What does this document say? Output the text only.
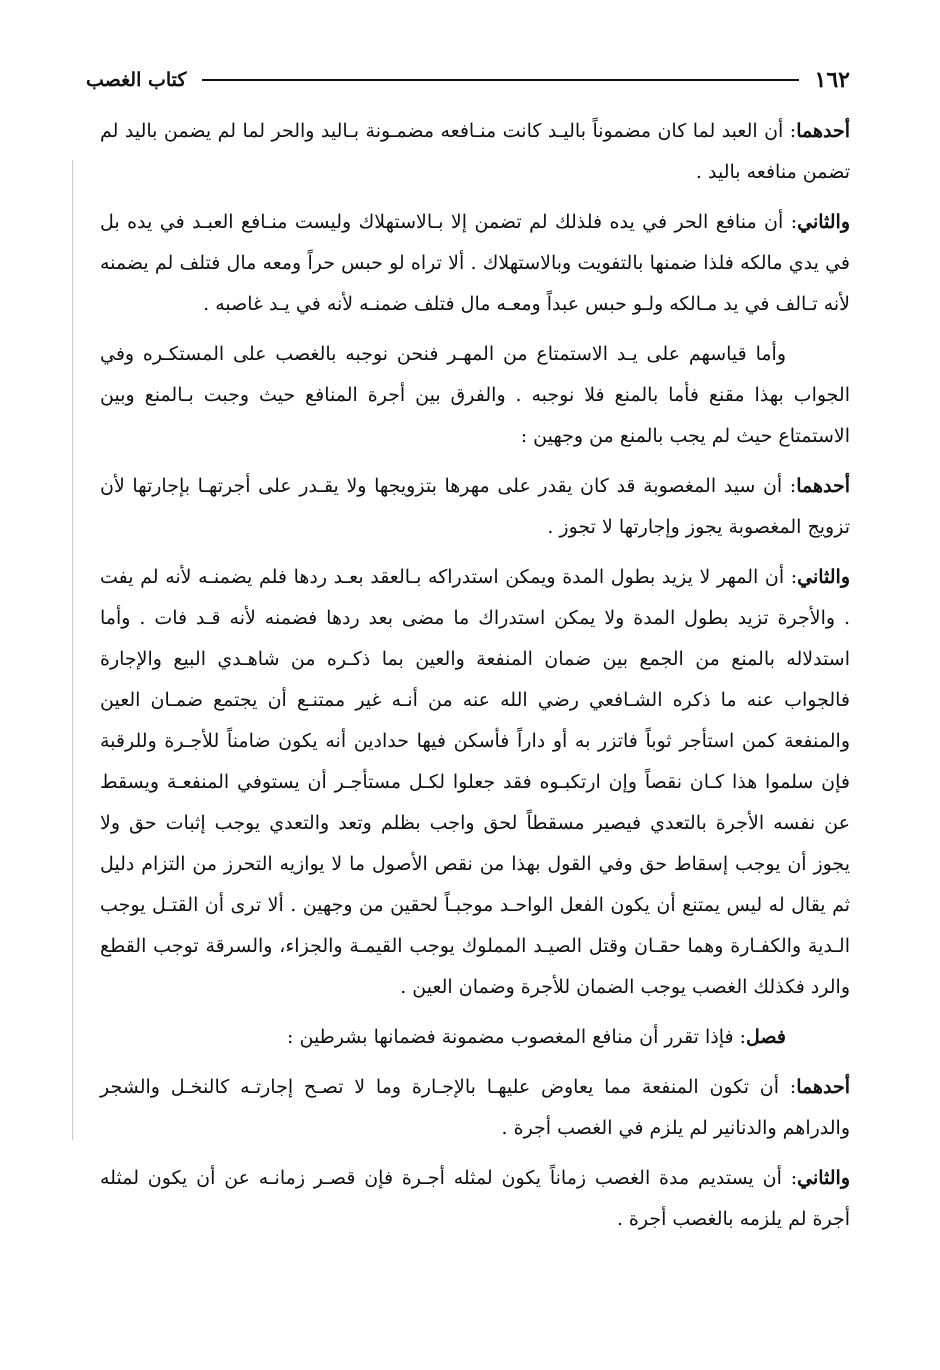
١٦٢
كتاب الغصب

أحدهما: أن العبد لما كان مضموناً باليـد كانت منـافعه مضمـونة بـاليد والحر لما لم يضمن باليد لم تضمن منافعه باليد .

والثاني: أن منافع الحر في يده فلذلك لم تضمن إلا بـالاستهلاك وليست منـافع العبـد في يده بل في يدي مالكه فلذا ضمنها بالتفويت وبالاستهلاك . ألا تراه لو حبس حراً ومعه مال فتلف لم يضمنه لأنه تـالف في يد مـالكه ولـو حبس عبداً ومعـه مال فتلف ضمنـه لأنه في يـد غاصبه .

وأما قياسهم على يـد الاستمتاع من المهـر فنحن نوجبه بالغصب على المستكـره وفي الجواب بهذا مقنع فأما بالمنع فلا نوجبه . والفرق بين أجرة المنافع حيث وجبت بـالمنع وبين الاستمتاع حيث لم يجب بالمنع من وجهين :

أحدهما: أن سيد المغصوبة قد كان يقدر على مهرها بتزويجها ولا يقـدر على أجرتهـا بإجارتها لأن تزويج المغصوبة يجوز وإجارتها لا تجوز .

والثاني: أن المهر لا يزيد بطول المدة ويمكن استدراكه بـالعقد بعـد ردها فلم يضمنـه لأنه لم يفت . والأجرة تزيد بطول المدة ولا يمكن استدراك ما مضى بعد ردها فضمنه لأنه قـد فات . وأما استدلاله بالمنع من الجمع بين ضمان المنفعة والعين بما ذكـره من شاهـدي البيع والإجارة فالجواب عنه ما ذكره الشـافعي رضي الله عنه من أنـه غير ممتنـع أن يجتمع ضمـان العين والمنفعة كمن استأجر ثوباً فاتزر به أو داراً فأسكن فيها حدادين أنه يكون ضامناً للأجـرة وللرقبة فإن سلموا هذا كـان نقصاً وإن ارتكبـوه فقد جعلوا لكـل مستأجـر أن يستوفي المنفعـة ويسقط عن نفسه الأجرة بالتعدي فيصير مسقطاً لحق واجب بظلم وتعد والتعدي يوجب إثبات حق ولا يجوز أن يوجب إسقاط حق وفي القول بهذا من نقص الأصول ما لا يوازيه التحرز من التزام دليل ثم يقال له ليس يمتنع أن يكون الفعل الواحـد موجبـاً لحقين من وجهين . ألا ترى أن القتـل يوجب الـدية والكفـارة وهما حقـان وقتل الصيـد المملوك يوجب القيمـة والجزاء، والسرقة توجب القطع والرد فكذلك الغصب يوجب الضمان للأجرة وضمان العين .

فصل: فإذا تقرر أن منافع المغصوب مضمونة فضمانها بشرطين :

أحدهما: أن تكون المنفعة مما يعاوض عليهـا بالإجـارة وما لا تصـح إجارتـه كالنخـل والشجر والدراهم والدنانير لم يلزم في الغصب أجرة .

والثاني: أن يستديم مدة الغصب زماناً يكون لمثله أجـرة فإن قصـر زمانـه عن أن يكون لمثله أجرة لم يلزمه بالغصب أجرة .
